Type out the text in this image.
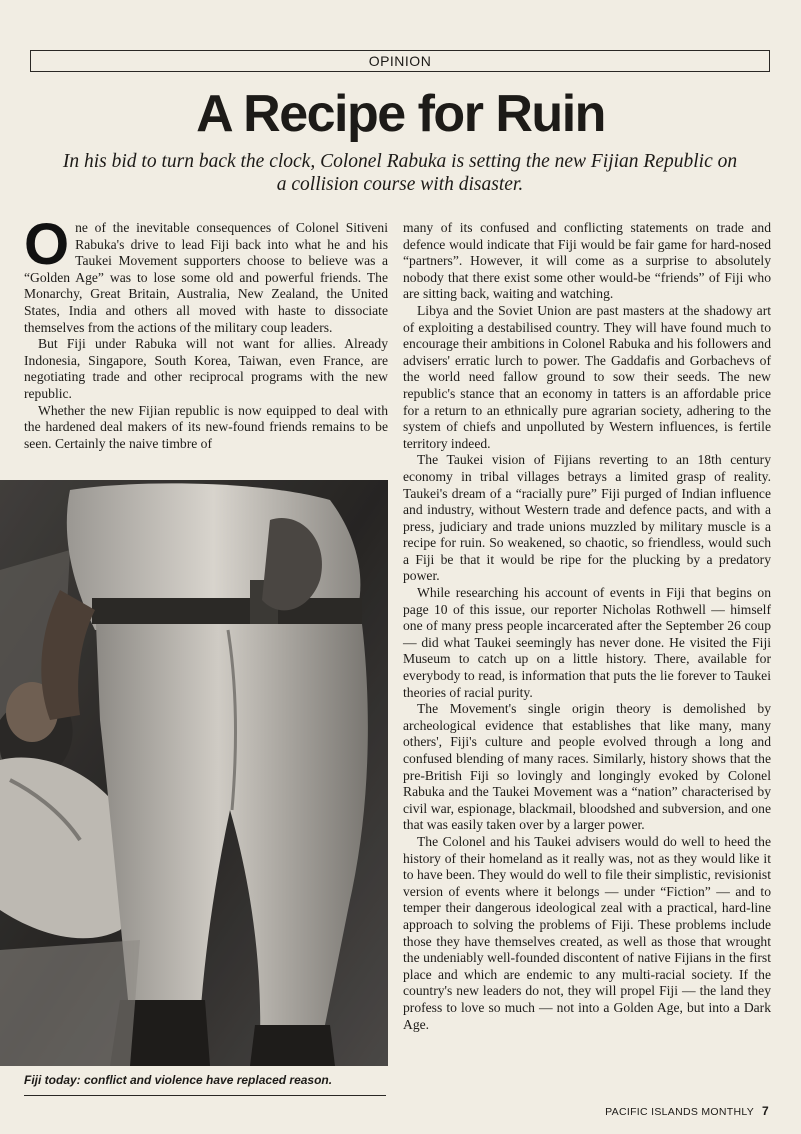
OPINION
A Recipe for Ruin

In his bid to turn back the clock, Colonel Rabuka is setting the new Fijian Republic on a collision course with disaster.

One of the inevitable consequences of Colonel Sitiveni Rabuka's drive to lead Fiji back into what he and his Taukei Movement supporters choose to believe was a “Golden Age” was to lose some old and powerful friends. The Monarchy, Great Britain, Australia, New Zealand, the United States, India and others all moved with haste to dissociate themselves from the actions of the military coup leaders.

But Fiji under Rabuka will not want for allies. Already Indonesia, Singapore, South Korea, Taiwan, even France, are negotiating trade and other reciprocal programs with the new republic.

Whether the new Fijian republic is now equipped to deal with the hardened deal makers of its new-found friends remains to be seen. Certainly the naive timbre of

Fiji today: conflict and violence have replaced reason.

many of its confused and conflicting statements on trade and defence would indicate that Fiji would be fair game for hard-nosed “partners”. However, it will come as a surprise to absolutely nobody that there exist some other would-be “friends” of Fiji who are sitting back, waiting and watching.

Libya and the Soviet Union are past masters at the shadowy art of exploiting a destabilised country. They will have found much to encourage their ambitions in Colonel Rabuka and his followers and advisers' erratic lurch to power. The Gaddafis and Gorbachevs of the world need fallow ground to sow their seeds. The new republic's stance that an economy in tatters is an affordable price for a return to an ethnically pure agrarian society, adhering to the system of chiefs and unpolluted by Western influences, is fertile territory indeed.

The Taukei vision of Fijians reverting to an 18th century economy in tribal villages betrays a limited grasp of reality. Taukei's dream of a “racially pure” Fiji purged of Indian influence and industry, without Western trade and defence pacts, and with a press, judiciary and trade unions muzzled by military muscle is a recipe for ruin. So weakened, so chaotic, so friendless, would such a Fiji be that it would be ripe for the plucking by a predatory power.

While researching his account of events in Fiji that begins on page 10 of this issue, our reporter Nicholas Rothwell — himself one of many press people incarcerated after the September 26 coup — did what Taukei seemingly has never done. He visited the Fiji Museum to catch up on a little history. There, available for everybody to read, is information that puts the lie forever to Taukei theories of racial purity.

The Movement's single origin theory is demolished by archeological evidence that establishes that like many, many others', Fiji's culture and people evolved through a long and confused blending of many races. Similarly, history shows that the pre-British Fiji so lovingly and longingly evoked by Colonel Rabuka and the Taukei Movement was a “nation” characterised by civil war, espionage, blackmail, bloodshed and subversion, and one that was easily taken over by a larger power.

The Colonel and his Taukei advisers would do well to heed the history of their homeland as it really was, not as they would like it to have been. They would do well to file their simplistic, revisionist version of events where it belongs — under “Fiction” — and to temper their dangerous ideological zeal with a practical, hard-line approach to solving the problems of Fiji. These problems include those they have themselves created, as well as those that wrought the undeniably well-founded discontent of native Fijians in the first place and which are endemic to any multi-racial society. If the country's new leaders do not, they will propel Fiji — the land they profess to love so much — not into a Golden Age, but into a Dark Age.

PACIFIC ISLANDS MONTHLY 7
